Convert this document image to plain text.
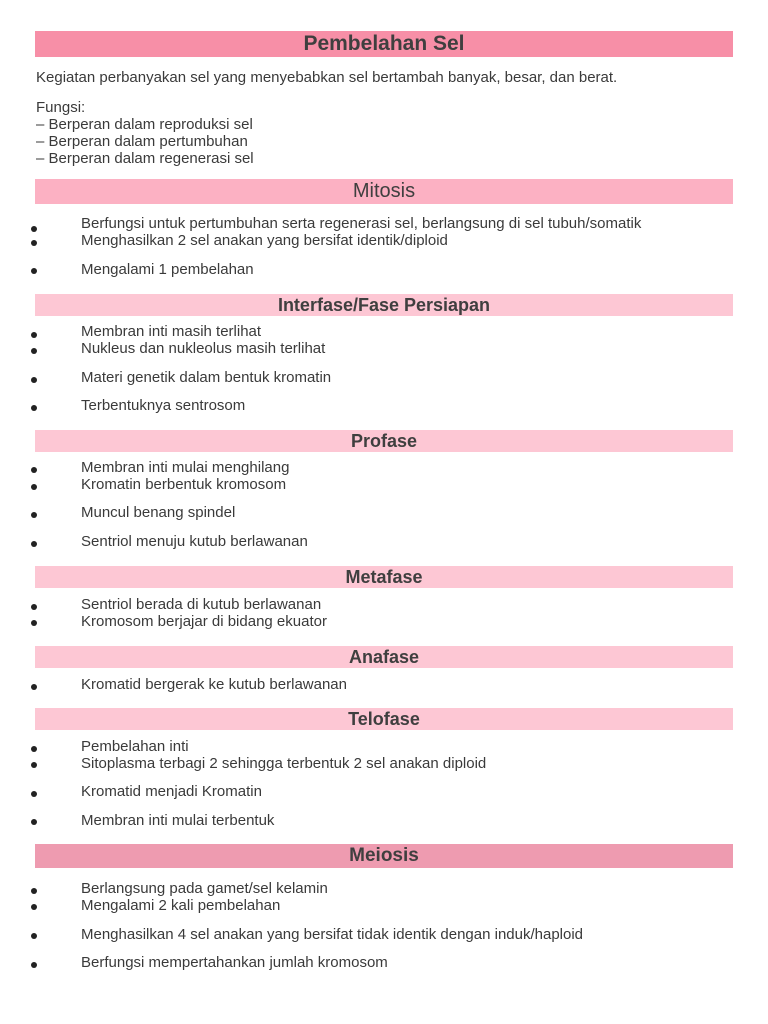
Pembelahan Sel
Kegiatan perbanyakan sel yang menyebabkan sel bertambah banyak, besar, dan berat.
Fungsi:
– Berperan dalam reproduksi sel
– Berperan dalam pertumbuhan
– Berperan dalam regenerasi sel
Mitosis
Berfungsi untuk pertumbuhan serta regenerasi sel, berlangsung di sel tubuh/somatik
Menghasilkan 2 sel anakan yang bersifat identik/diploid
Mengalami 1 pembelahan
Interfase/Fase Persiapan
Membran inti masih terlihat
Nukleus dan nukleolus masih terlihat
Materi genetik dalam bentuk kromatin
Terbentuknya sentrosom
Profase
Membran inti mulai menghilang
Kromatin berbentuk kromosom
Muncul benang spindel
Sentriol menuju kutub berlawanan
Metafase
Sentriol berada di kutub berlawanan
Kromosom berjajar di bidang ekuator
Anafase
Kromatid bergerak ke kutub berlawanan
Telofase
Pembelahan inti
Sitoplasma terbagi 2 sehingga terbentuk 2 sel anakan diploid
Kromatid menjadi Kromatin
Membran inti mulai terbentuk
Meiosis
Berlangsung pada gamet/sel kelamin
Mengalami 2 kali pembelahan
Menghasilkan 4 sel anakan yang bersifat tidak identik dengan induk/haploid
Berfungsi mempertahankan jumlah kromosom
